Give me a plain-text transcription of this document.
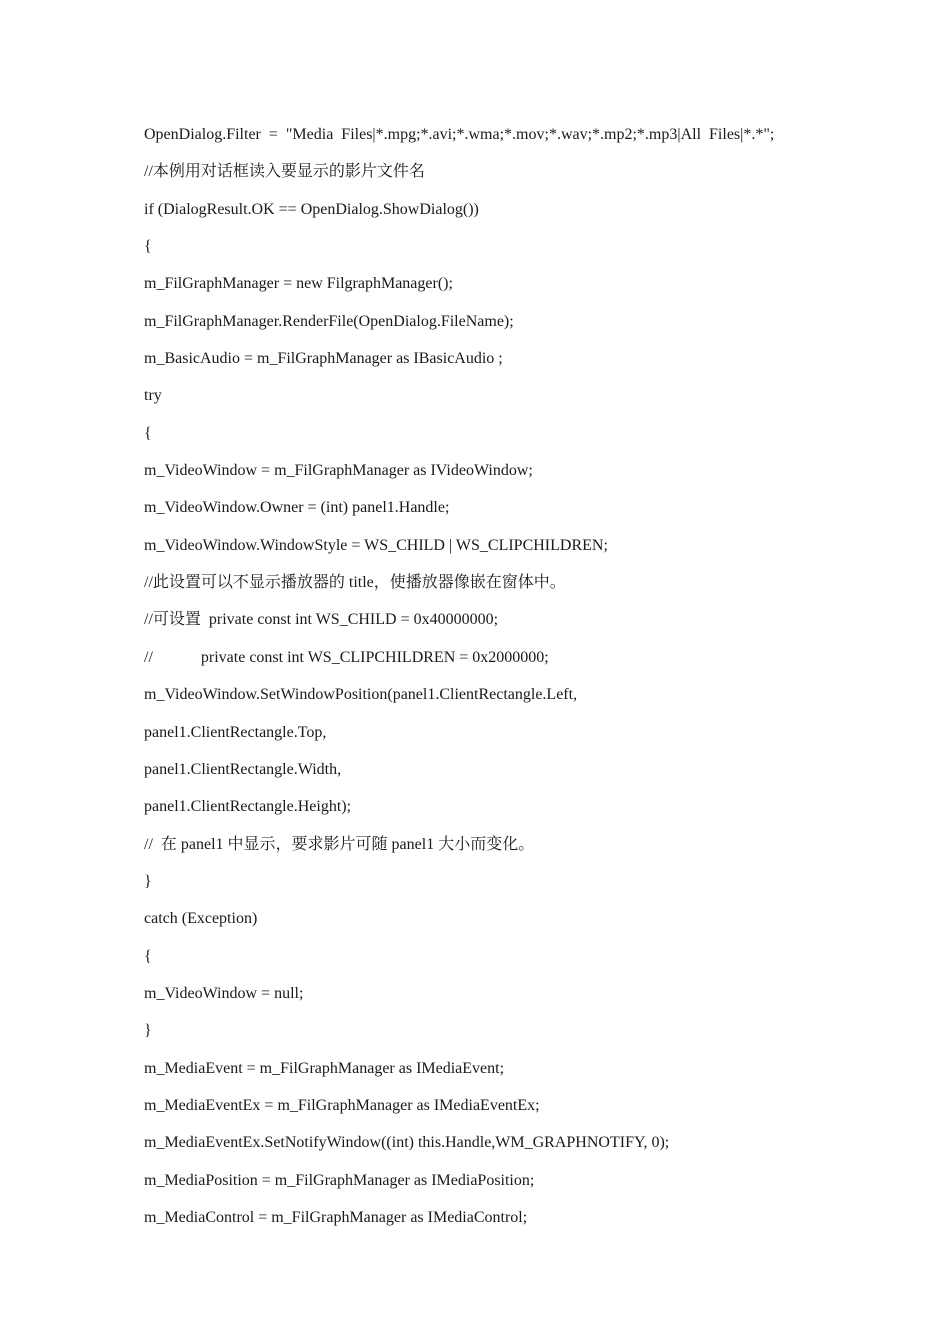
OpenDialog.Filter  =  "Media  Files|*.mpg;*.avi;*.wma;*.mov;*.wav;*.mp2;*.mp3|All  Files|*.*";
//本例用对话框读入要显示的影片文件名
if (DialogResult.OK == OpenDialog.ShowDialog())
{
m_FilGraphManager = new FilgraphManager();
m_FilGraphManager.RenderFile(OpenDialog.FileName);
m_BasicAudio = m_FilGraphManager as IBasicAudio ;
try
{
m_VideoWindow = m_FilGraphManager as IVideoWindow;
m_VideoWindow.Owner = (int) panel1.Handle;
m_VideoWindow.WindowStyle = WS_CHILD | WS_CLIPCHILDREN;
//此设置可以不显示播放器的 title，使播放器像嵌在窗体中。
//可设置  private const int WS_CHILD = 0x40000000;
//            private const int WS_CLIPCHILDREN = 0x2000000;
m_VideoWindow.SetWindowPosition(panel1.ClientRectangle.Left,
panel1.ClientRectangle.Top,
panel1.ClientRectangle.Width,
panel1.ClientRectangle.Height);
//  在 panel1 中显示，要求影片可随 panel1 大小而变化。
}
catch (Exception)
{
m_VideoWindow = null;
}
m_MediaEvent = m_FilGraphManager as IMediaEvent;
m_MediaEventEx = m_FilGraphManager as IMediaEventEx;
m_MediaEventEx.SetNotifyWindow((int) this.Handle,WM_GRAPHNOTIFY, 0);
m_MediaPosition = m_FilGraphManager as IMediaPosition;
m_MediaControl = m_FilGraphManager as IMediaControl;
